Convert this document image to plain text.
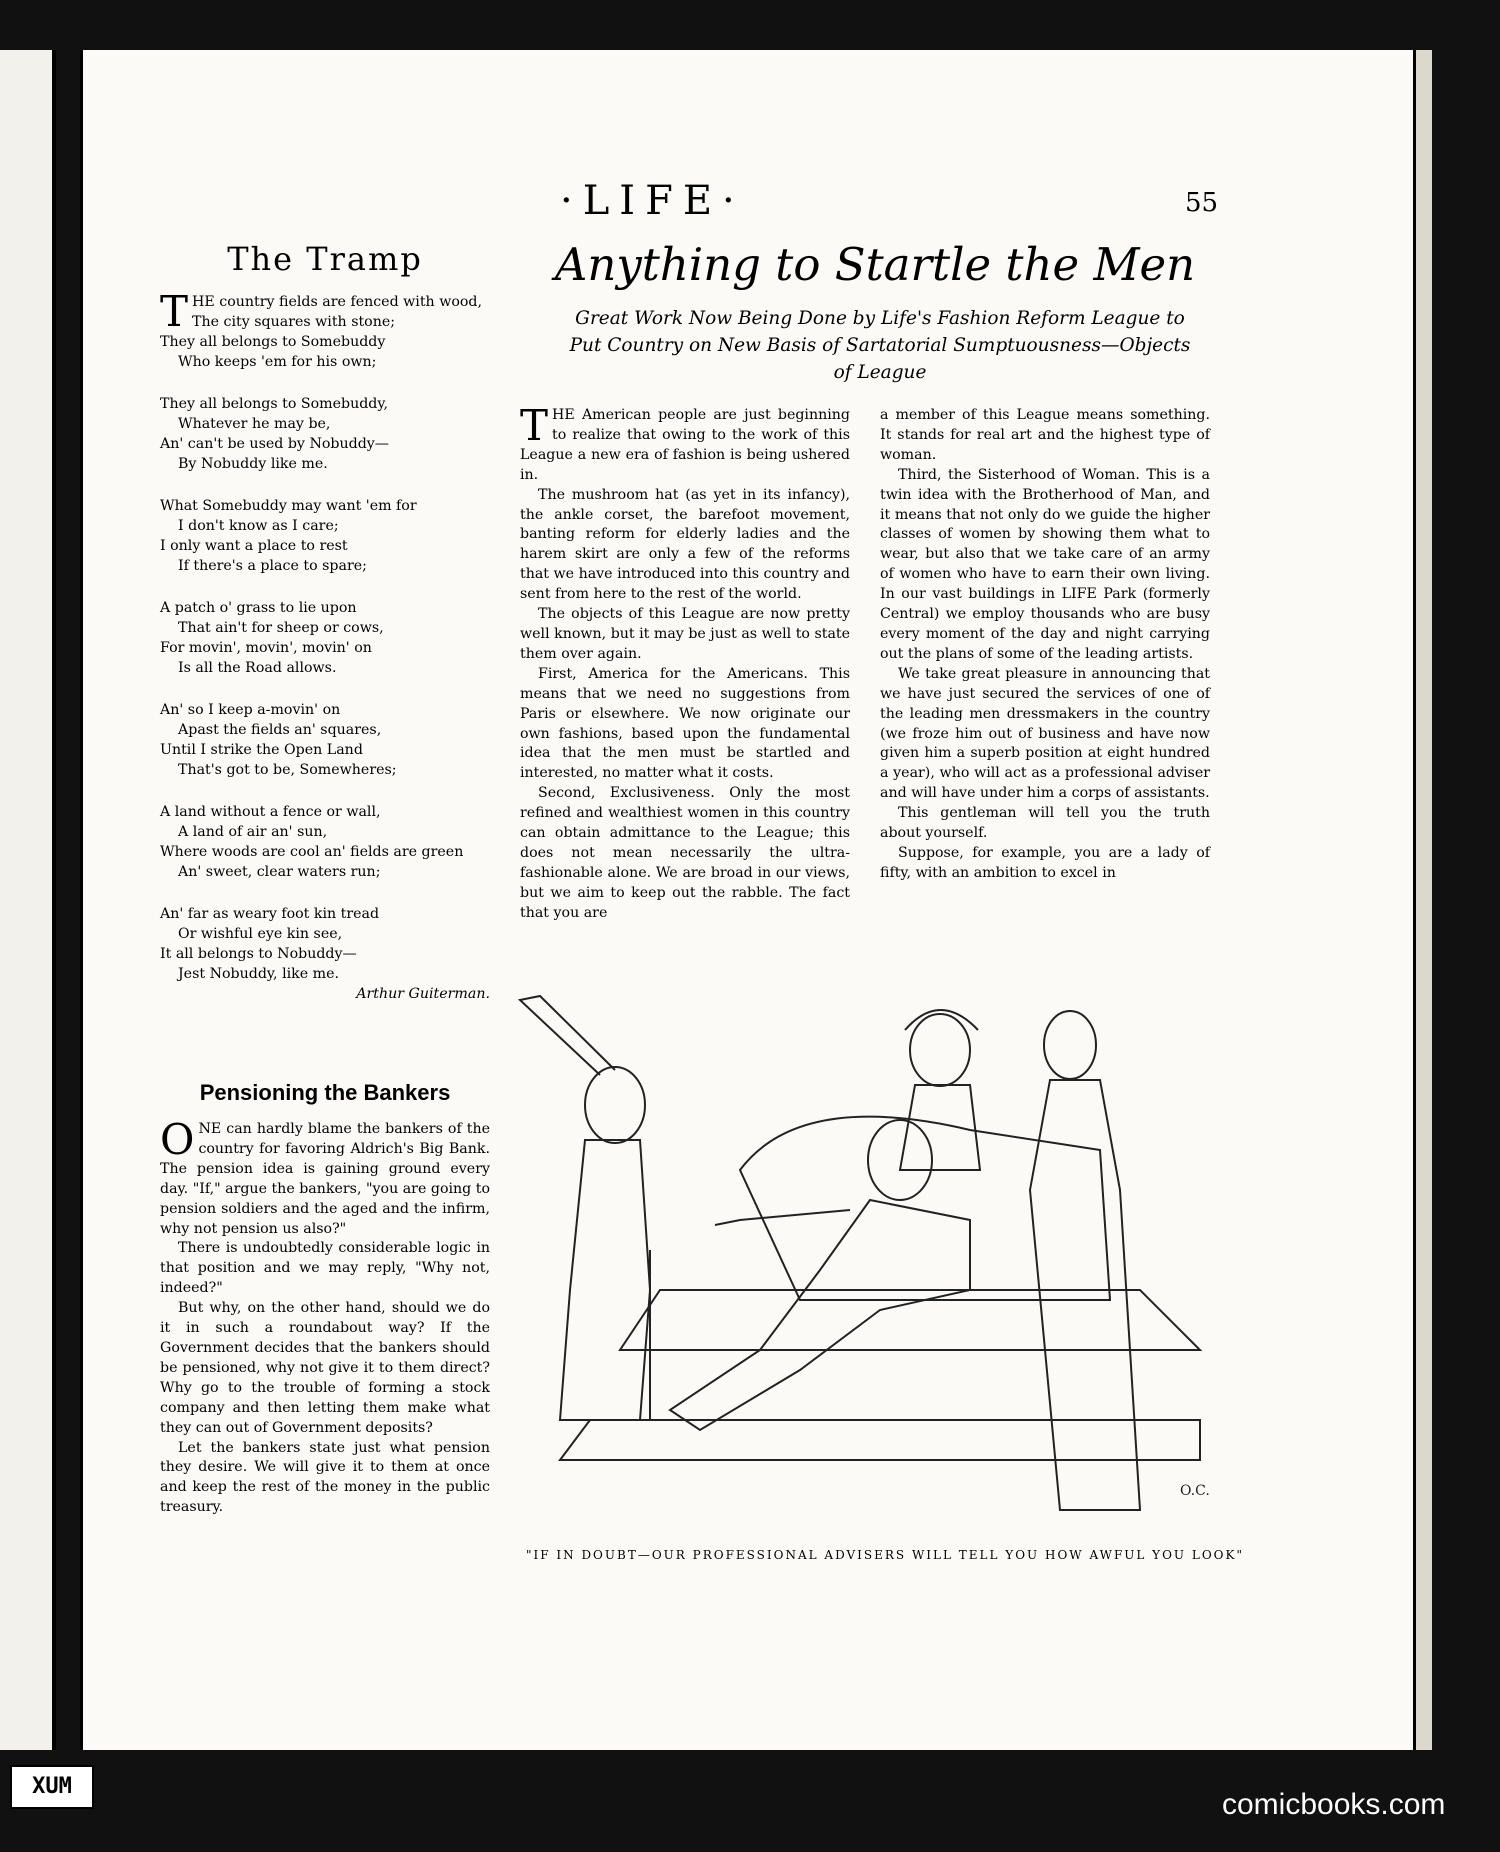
·LIFE·	55
Anything to Startle the Men
Great Work Now Being Done by Life's Fashion Reform League to Put Country on New Basis of Sartatorial Sumptuousness—Objects of League
The Tramp
THE country fields are fenced with wood,
The city squares with stone;
They all belongs to Somebuddy
Who keeps 'em for his own;
They all belongs to Somebuddy,
Whatever he may be,
An' can't be used by Nobuddy—
By Nobuddy like me.
What Somebuddy may want 'em for
I don't know as I care;
I only want a place to rest
If there's a place to spare;
A patch o' grass to lie upon
That ain't for sheep or cows,
For movin', movin', movin' on
Is all the Road allows.
An' so I keep a-movin' on
Apast the fields an' squares,
Until I strike the Open Land
That's got to be, Somewheres;
A land without a fence or wall,
A land of air an' sun,
Where woods are cool an' fields are green
An' sweet, clear waters run;
An' far as weary foot kin tread
Or wishful eye kin see,
It all belongs to Nobuddy—
Jest Nobuddy, like me.
Arthur Guiterman.

THE American people are just beginning to realize that owing to the work of this League a new era of fashion is being ushered in.

The mushroom hat (as yet in its infancy), the ankle corset, the barefoot movement, banting reform for elderly ladies and the harem skirt are only a few of the reforms that we have introduced into this country and sent from here to the rest of the world.

The objects of this League are now pretty well known, but it may be just as well to state them over again.

First, America for the Americans. This means that we need no suggestions from Paris or elsewhere. We now originate our own fashions, based upon the fundamental idea that the men must be startled and interested, no matter what it costs.

Second, Exclusiveness. Only the most refined and wealthiest women in this country can obtain admittance to the League; this does not mean necessarily the ultra-fashionable alone. We are broad in our views, but we aim to keep out the rabble. The fact that you are

a member of this League means something. It stands for real art and the highest type of woman.

Third, the Sisterhood of Woman. This is a twin idea with the Brotherhood of Man, and it means that not only do we guide the higher classes of women by showing them what to wear, but also that we take care of an army of women who have to earn their own living. In our vast buildings in LIFE Park (formerly Central) we employ thousands who are busy every moment of the day and night carrying out the plans of some of the leading artists.

We take great pleasure in announcing that we have just secured the services of one of the leading men dressmakers in the country (we froze him out of business and have now given him a superb position at eight hundred a year), who will act as a professional adviser and will have under him a corps of assistants.

This gentleman will tell you the truth about yourself.

Suppose, for example, you are a lady of fifty, with an ambition to excel in

Pensioning the Bankers

ONE can hardly blame the bankers of the country for favoring Aldrich's Big Bank. The pension idea is gaining ground every day. "If," argue the bankers, "you are going to pension soldiers and the aged and the infirm, why not pension us also?"

There is undoubtedly considerable logic in that position and we may reply, "Why not, indeed?"

But why, on the other hand, should we do it in such a roundabout way? If the Government decides that the bankers should be pensioned, why not give it to them direct? Why go to the trouble of forming a stock company and then letting them make what they can out of Government deposits?

Let the bankers state just what pension they desire. We will give it to them at once and keep the rest of the money in the public treasury.

O.C.
"IF IN DOUBT—OUR PROFESSIONAL ADVISERS WILL TELL YOU HOW AWFUL YOU LOOK"
XUM
comicbooks.com
